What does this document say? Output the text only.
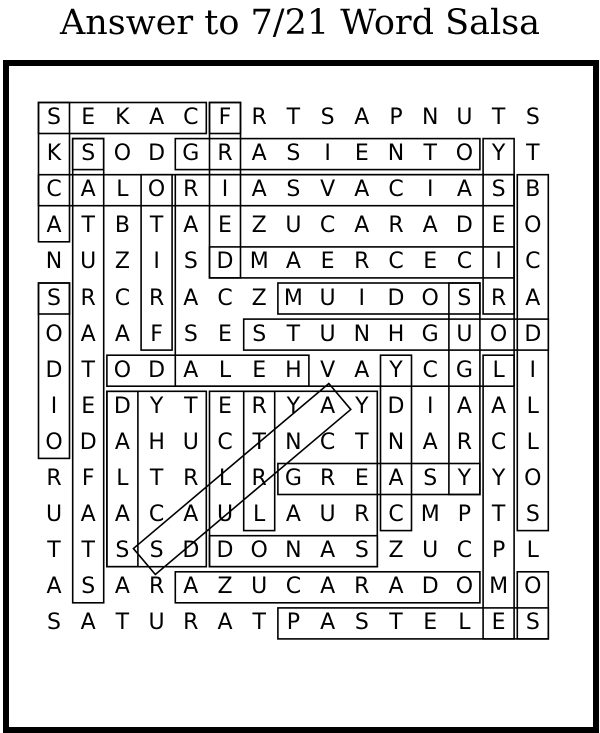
Answer to 7/21 Word Salsa
S E K A C F R T S A P N U T S
K S O D G R A S	I	E N T O Y T
C A L O R	I	A S V A C	I	A S B
A T B T A E Z U C A R A D E O
N U Z	I	S D M A E R C E C	I	C
S R C R A C Z M U	I	D O S R A
O A A F S E S T U N H G U O D
D T O D A L E H V A Y C G L	I
I	E D Y T E R Y A Y D	I	A A L
O D A H U C T N C T N A R C L
R F L T R L R G R E A S Y Y O
U A A C A U L A U R C M P T S
T T S S D D O N A S Z U C P L
A S A R A Z U C A R A D O M O
S A T U R A T P A S T E L E S
